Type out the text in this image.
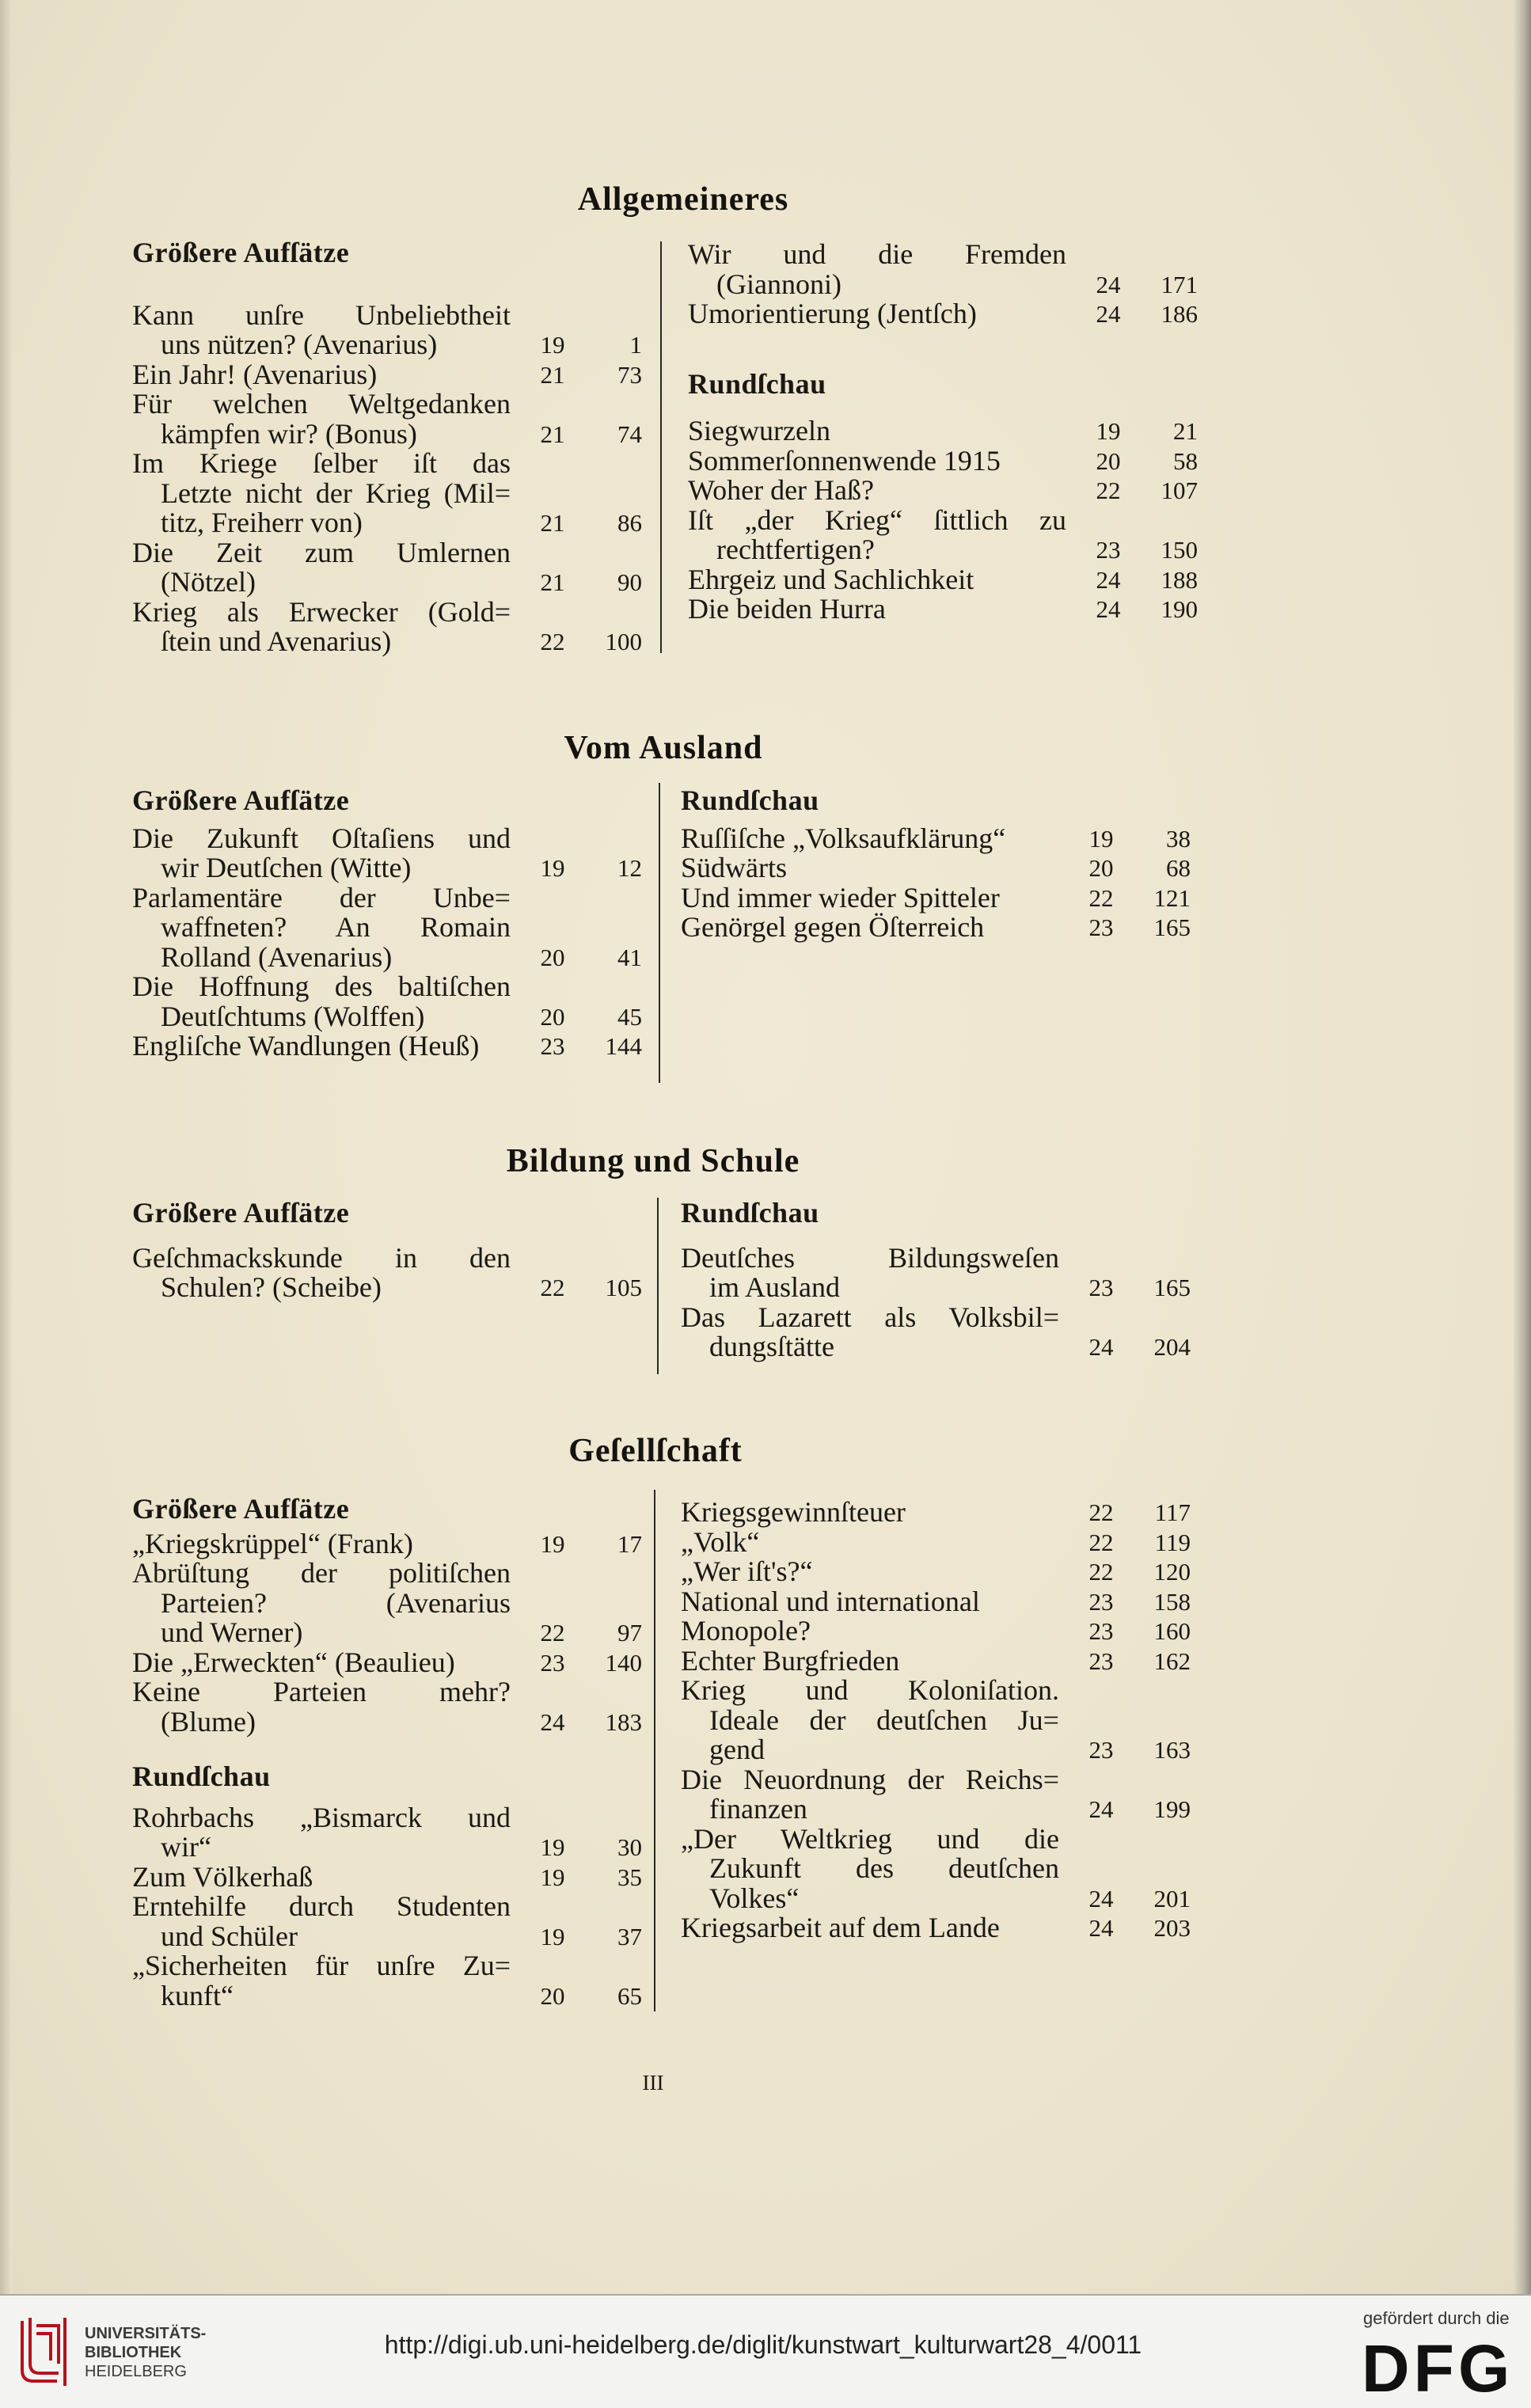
Allgemeineres
Größere Aufſätze
Kann unſre Unbeliebtheit
uns nützen? (Avenarius)	19	1
Ein Jahr! (Avenarius)	21	73
Für welchen Weltgedanken
kämpfen wir? (Bonus)	21	74
Im Kriege ſelber iſt das
Letzte nicht der Krieg (Mil=
titz, Freiherr von)	21	86
Die Zeit zum Umlernen
(Nötzel)	21	90
Krieg als Erwecker (Gold=
ſtein und Avenarius)	22	100
Wir und die Fremden
(Giannoni)	24	171
Umorientierung (Jentſch)	24	186
Rundſchau
Siegwurzeln	19	21
Sommerſonnenwende 1915	20	58
Woher der Haß?	22	107
Iſt „der Krieg“ ſittlich zu
rechtfertigen?	23	150
Ehrgeiz und Sachlichkeit	24	188
Die beiden Hurra	24	190
Vom Ausland
Größere Aufſätze
Die Zukunft Oſtaſiens und
wir Deutſchen (Witte)	19	12
Parlamentäre der Unbe=
waffneten? An Romain
Rolland (Avenarius)	20	41
Die Hoffnung des baltiſchen
Deutſchtums (Wolffen)	20	45
Engliſche Wandlungen (Heuß)	23	144
Rundſchau
Ruſſiſche „Volksaufklärung“	19	38
Südwärts	20	68
Und immer wieder Spitteler	22	121
Genörgel gegen Öſterreich	23	165
Bildung und Schule
Größere Aufſätze
Geſchmackskunde in den
Schulen? (Scheibe)	22	105
Rundſchau
Deutſches Bildungsweſen
im Ausland	23	165
Das Lazarett als Volksbil=
dungsſtätte	24	204
Geſellſchaft
Größere Aufſätze
„Kriegskrüppel“ (Frank)	19	17
Abrüſtung der politiſchen
Parteien? (Avenarius
und Werner)	22	97
Die „Erweckten“ (Beaulieu)	23	140
Keine Parteien mehr?
(Blume)	24	183
Rundſchau
Rohrbachs „Bismarck und
wir“	19	30
Zum Völkerhaß	19	35
Erntehilfe durch Studenten
und Schüler	19	37
„Sicherheiten für unſre Zu=
kunft“	20	65
Kriegsgewinnſteuer	22	117
„Volk“	22	119
„Wer iſt's?“	22	120
National und international	23	158
Monopole?	23	160
Echter Burgfrieden	23	162
Krieg und Koloniſation.
Ideale der deutſchen Ju=
gend	23	163
Die Neuordnung der Reichs=
finanzen	24	199
„Der Weltkrieg und die
Zukunft des deutſchen
Volkes“	24	201
Kriegsarbeit auf dem Lande	24	203
III
UNIVERSITÄTS-
BIBLIOTHEK
HEIDELBERG
http://digi.ub.uni-heidelberg.de/diglit/kunstwart_kulturwart28_4/0011
gefördert durch die
DFG
